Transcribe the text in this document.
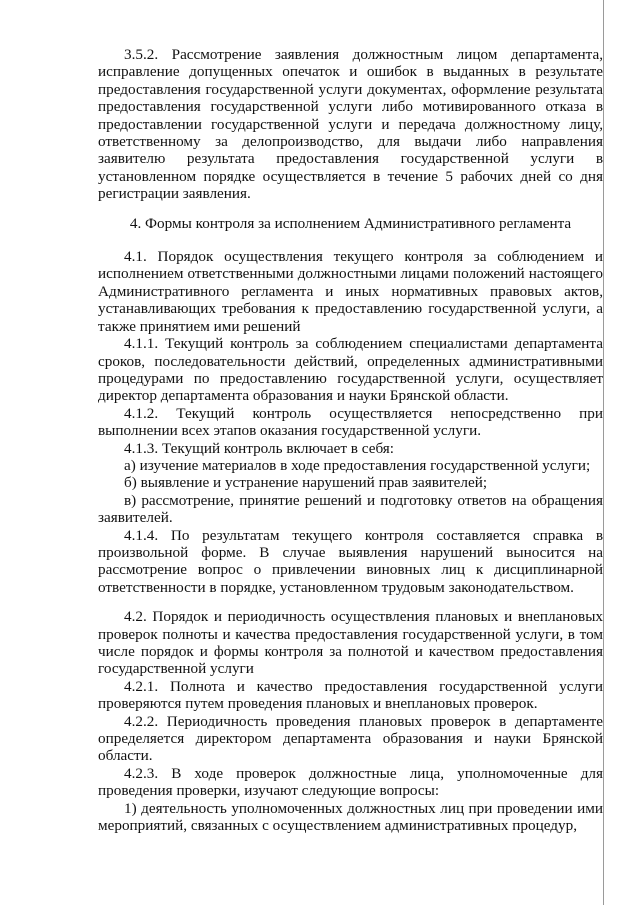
3.5.2. Рассмотрение заявления должностным лицом департамента, исправление допущенных опечаток и ошибок в выданных в результате предоставления государственной услуги документах, оформление результата предоставления государственной услуги либо мотивированного отказа в предоставлении государственной услуги и передача должностному лицу, ответственному за делопроизводство, для выдачи либо направления заявителю результата предоставления государственной услуги в установленном порядке осуществляется в течение 5 рабочих дней со дня регистрации заявления.

4. Формы контроля за исполнением Административного регламента

4.1. Порядок осуществления текущего контроля за соблюдением и исполнением ответственными должностными лицами положений настоящего Административного регламента и иных нормативных правовых актов, устанавливающих требования к предоставлению государственной услуги, а также принятием ими решений

4.1.1. Текущий контроль за соблюдением специалистами департамента сроков, последовательности действий, определенных административными процедурами по предоставлению государственной услуги, осуществляет директор департамента образования и науки Брянской области.

4.1.2. Текущий контроль осуществляется непосредственно при выполнении всех этапов оказания государственной услуги.

4.1.3. Текущий контроль включает в себя:

а) изучение материалов в ходе предоставления государственной услуги;

б) выявление и устранение нарушений прав заявителей;

в) рассмотрение, принятие решений и подготовку ответов на обращения заявителей.

4.1.4. По результатам текущего контроля составляется справка в произвольной форме. В случае выявления нарушений выносится на рассмотрение вопрос о привлечении виновных лиц к дисциплинарной ответственности в порядке, установленном трудовым законодательством.

4.2. Порядок и периодичность осуществления плановых и внеплановых проверок полноты и качества предоставления государственной услуги, в том числе порядок и формы контроля за полнотой и качеством предоставления государственной услуги

4.2.1. Полнота и качество предоставления государственной услуги проверяются путем проведения плановых и внеплановых проверок.

4.2.2. Периодичность проведения плановых проверок в департаменте определяется директором департамента образования и науки Брянской области.

4.2.3. В ходе проверок должностные лица, уполномоченные для проведения проверки, изучают следующие вопросы:

1) деятельность уполномоченных должностных лиц при проведении ими мероприятий, связанных с осуществлением административных процедур,
